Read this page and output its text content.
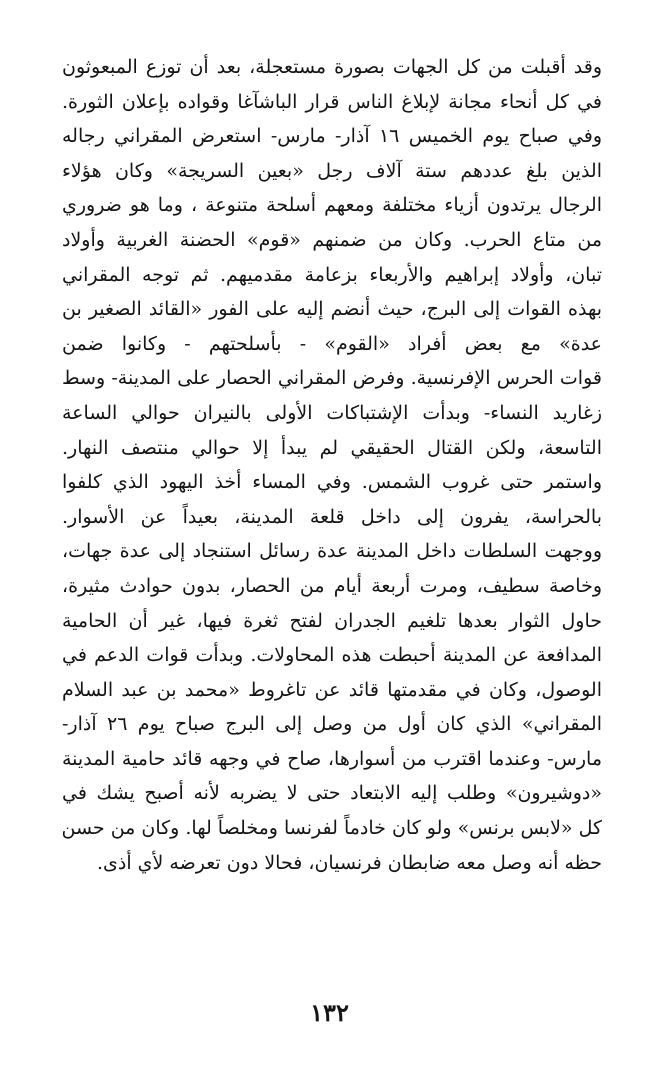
وقد أقبلت من كل الجهات بصورة مستعجلة، بعد أن توزع المبعوثون
في كل أنحاء مجانة لإبلاغ الناس قرار الباشآغا وقواده بإعلان الثورة.
وفي صباح يوم الخميس ١٦ آذار- مارس- استعرض المقراني رجاله
الذين بلغ عددهم ستة آلاف رجل «بعين السريجة» وكان هؤلاء
الرجال يرتدون أزياء مختلفة ومعهم أسلحة متنوعة ، وما هو ضروري
من متاع الحرب. وكان من ضمنهم «قوم» الحضنة الغربية وأولاد
تبان، وأولاد إبراهيم والأربعاء بزعامة مقدميهم. ثم توجه المقراني
بهذه القوات إلى البرج، حيث أنضم إليه على الفور «القائد الصغير بن
عدة» مع بعض أفراد «القوم» - بأسلحتهم - وكانوا ضمن
قوات الحرس الإفرنسية. وفرض المقراني الحصار على المدينة- وسط
زغاريد النساء- وبدأت الإشتباكات الأولى بالنيران حوالي الساعة
التاسعة، ولكن القتال الحقيقي لم يبدأ إلا حوالي منتصف النهار.
واستمر حتى غروب الشمس. وفي المساء أخذ اليهود الذي كلفوا
بالحراسة، يفرون إلى داخل قلعة المدينة، بعيداً عن الأسوار.
ووجهت السلطات داخل المدينة عدة رسائل استنجاد إلى عدة جهات،
وخاصة سطيف، ومرت أربعة أيام من الحصار، بدون حوادث مثيرة،
حاول الثوار بعدها تلغيم الجدران لفتح ثغرة فيها، غير أن الحامية
المدافعة عن المدينة أحبطت هذه المحاولات. وبدأت قوات الدعم في
الوصول، وكان في مقدمتها قائد عن تاغروط «محمد بن عبد السلام
المقراني» الذي كان أول من وصل إلى البرج صباح يوم ٢٦ آذار-
مارس- وعندما اقترب من أسوارها، صاح في وجهه قائد حامية المدينة
«دوشيرون» وطلب إليه الابتعاد حتى لا يضربه لأنه أصبح يشك في
كل «لابس برنس» ولو كان خادماً لفرنسا ومخلصاً لها. وكان من حسن
حظه أنه وصل معه ضابطان فرنسيان، فحالا دون تعرضه لأي أذى.
١٣٢
